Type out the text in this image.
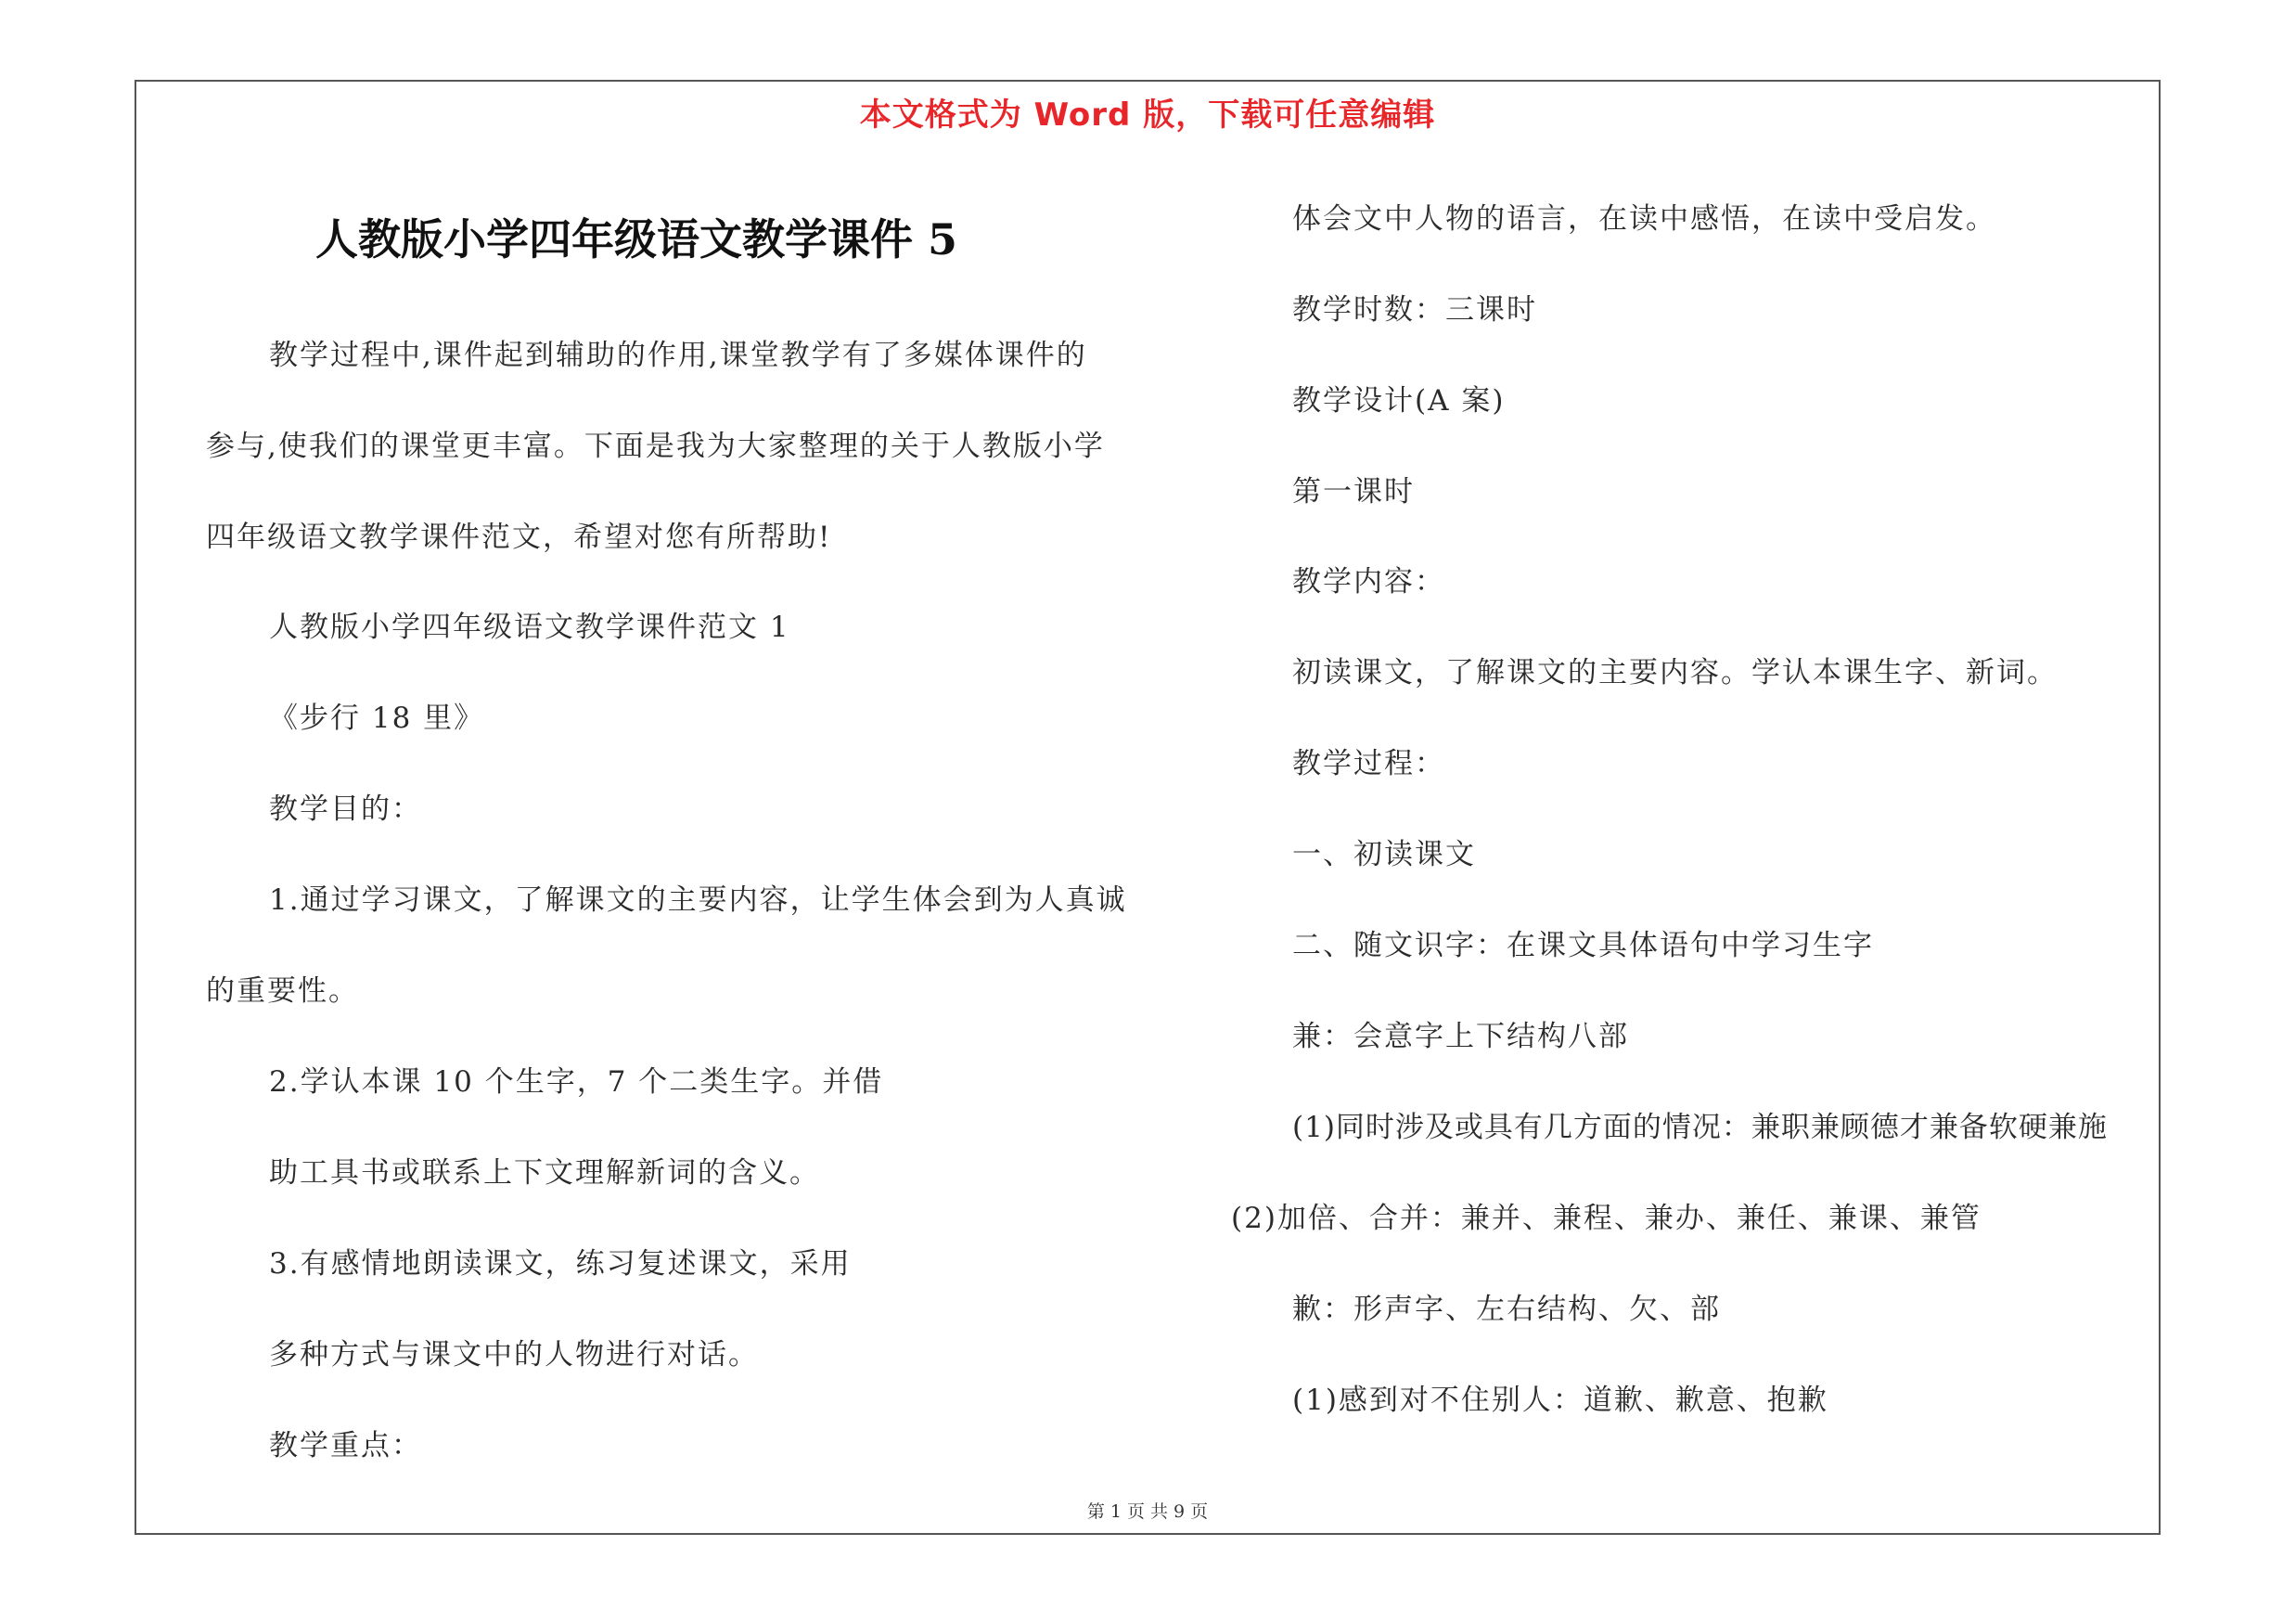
本文格式为 Word 版，下载可任意编辑
人教版小学四年级语文教学课件 5
教学过程中,课件起到辅助的作用,课堂教学有了多媒体课件的
参与,使我们的课堂更丰富。下面是我为大家整理的关于人教版小学
四年级语文教学课件范文，希望对您有所帮助!
人教版小学四年级语文教学课件范文 1
《步行 18 里》
教学目的：
1.通过学习课文，了解课文的主要内容，让学生体会到为人真诚
的重要性。
2.学认本课 10 个生字，7 个二类生字。并借
助工具书或联系上下文理解新词的含义。
3.有感情地朗读课文，练习复述课文，采用
多种方式与课文中的人物进行对话。
教学重点：
体会文中人物的语言，在读中感悟，在读中受启发。
教学时数：三课时
教学设计(A 案)
第一课时
教学内容：
初读课文，了解课文的主要内容。学认本课生字、新词。
教学过程：
一、初读课文
二、随文识字：在课文具体语句中学习生字
兼：会意字上下结构八部
(1)同时涉及或具有几方面的情况：兼职兼顾德才兼备软硬兼施
(2)加倍、合并：兼并、兼程、兼办、兼任、兼课、兼管
歉：形声字、左右结构、欠、部
(1)感到对不住别人：道歉、歉意、抱歉
第 1 页 共 9 页
